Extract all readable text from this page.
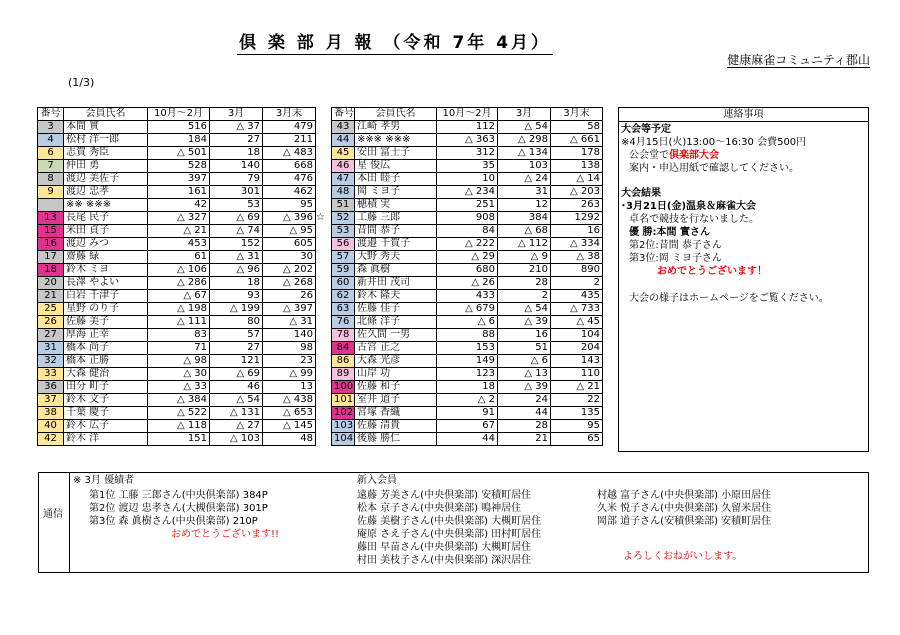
倶 楽 部 月 報 （令和 7年 4月）
健康麻雀コミュニティ郡山
(1/3)
番号	会員氏名	10月～2月	3月	3月末
3	本間 實	516	△ 37	479
4	松村 洋一郎	184	27	211
6	志賀 秀臣	△ 501	18	△ 483
7	仲田 勇	528	140	668
8	渡辺 美佐子	397	79	476
9	渡辺 忠孝	161	301	462
	※※ ※※※	42	53	95
13	長尾 民子	△ 327	△ 69	△ 396
15	米田 貞子	△ 21	△ 74	△ 95
16	渡辺 みつ	453	152	605
17	齋藤 緑	61	△ 31	30
18	鈴木 ミヨ	△ 106	△ 96	△ 202
20	長澤 やよい	△ 286	18	△ 268
21	白岩 千津子	△ 67	93	26
25	星野 のり子	△ 198	△ 199	△ 397
26	佐藤 美子	△ 111	80	△ 31
27	厚海 正幸	83	57	140
31	橋本 尚子	71	27	98
32	橋本 正勝	△ 98	121	23
33	大森 健治	△ 30	△ 69	△ 99
36	田分 町子	△ 33	46	13
37	鈴木 文子	△ 384	△ 54	△ 438
38	千葉 慶子	△ 522	△ 131	△ 653
40	鈴木 広子	△ 118	△ 27	△ 145
42	鈴木 洋	151	△ 103	48
☆
番号	会員氏名	10月～2月	3月	3月末
43	江崎 孝男	112	△ 54	58
44	※※※ ※※※	△ 363	△ 298	△ 661
45	安田 富士子	312	△ 134	178
46	星 俊広	35	103	138
47	本田 睦子	10	△ 24	△ 14
48	岡 ミヨ子	△ 234	31	△ 203
51	穂積 実	251	12	263
52	工藤 三郎	908	384	1292
53	昔間 恭子	84	△ 68	16
56	渡邉 千賀子	△ 222	△ 112	△ 334
57	大野 秀夫	△ 29	△ 9	△ 38
59	森 眞樹	680	210	890
60	新井田 茂司	△ 26	28	2
62	鈴木 隆夫	433	2	435
63	佐藤 佳子	△ 679	△ 54	△ 733
76	北條 洋子	△ 6	△ 39	△ 45
78	佐久間 一男	88	16	104
84	古宮 正之	153	51	204
86	大森 光彦	149	△ 6	143
89	山岸 功	123	△ 13	110
100	佐藤 和子	18	△ 39	△ 21
101	室井 道子	△ 2	24	22
102	宮塚 香織	91	44	135
103	佐藤 清貴	67	28	95
104	後藤 勝仁	44	21	65
連絡事項
大会等予定
※4月15日(火)13:00～16:30 会費500円
公会堂で倶楽部大会
案内・申込用紙で確認してください。
大会結果
･3月21日(金)温泉＆麻雀大会
卓名で競技を行ないました。
優 勝:本間 實さん
第2位:昔間 恭子さん
第3位:岡 ミヨ子さん
おめでとうございます！
大会の様子はホームページをご覧ください。
通信
※ 3月 優績者
第1位 工藤 三郎さん(中央倶楽部) 384P
第2位 渡辺 忠孝さん(大槻倶楽部) 301P
第3位 森 眞樹さん(中央倶楽部) 210P
おめでとうございます!!
新入会員
遠藤 芳美さん(中央倶楽部) 安積町居住
松本 京子さん(中央倶楽部) 鳴神居住
佐藤 美樹子さん(中央倶楽部) 大槻町居住
庵原 さえ子さん(中央倶楽部) 田村町居住
藤田 早苗さん(中央倶楽部) 大槻町居住
村田 美枝子さん(中央倶楽部) 深沢居住
村越 富子さん(中央倶楽部) 小原田居住
久米 悦子さん(中央倶楽部) 久留米居住
岡部 道子さん(安積倶楽部) 安積町居住
よろしくおねがいします。
